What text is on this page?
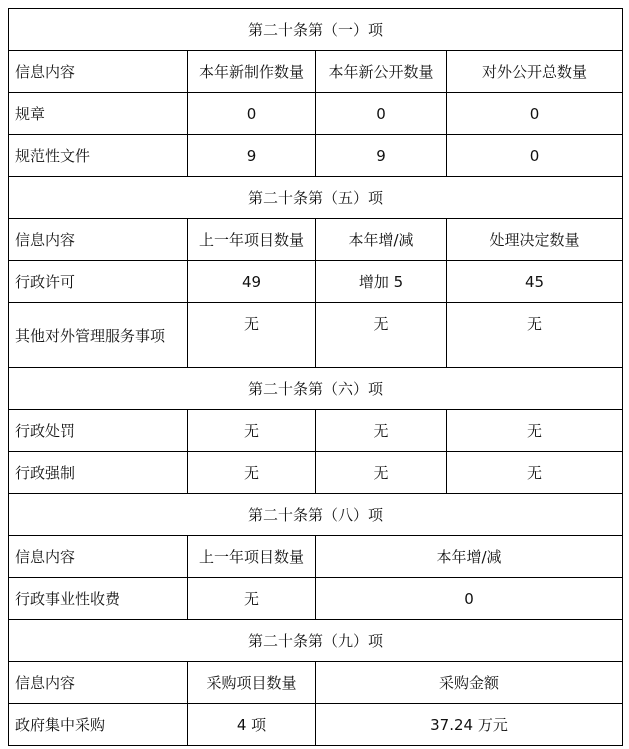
第二十条第（一）项			
信息内容	本年新制作数量	本年新公开数量	对外公开总数量
规章	0	0	0
规范性文件	9	9	0
第二十条第（五）项			
信息内容	上一年项目数量	本年增/减	处理决定数量
行政许可	49	增加 5	45
其他对外管理服务事项	无	无	无
第二十条第（六）项			
行政处罚	无	无	无
行政强制	无	无	无
第二十条第（八）项			
信息内容	上一年项目数量	本年增/减	
行政事业性收费	无	0	
第二十条第（九）项			
信息内容	采购项目数量	采购金额	
政府集中采购	4 项	37.24 万元	
